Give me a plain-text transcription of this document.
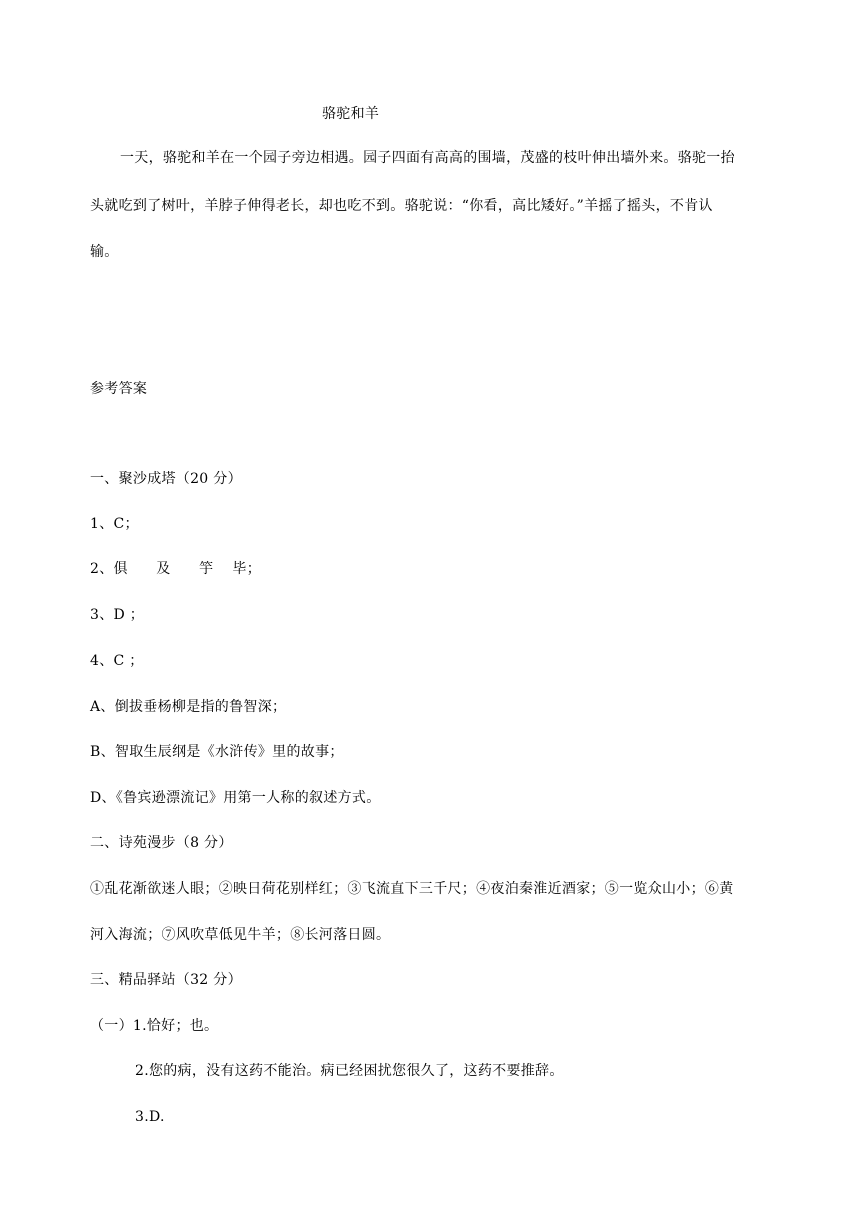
骆驼和羊
一天，骆驼和羊在一个园子旁边相遇。园子四面有高高的围墙，茂盛的枝叶伸出墙外来。骆驼一抬
头就吃到了树叶，羊脖子伸得老长，却也吃不到。骆驼说：“你看，高比矮好。”羊摇了摇头，不肯认
输。
参考答案
一、聚沙成塔（20 分）
1、C；
2、俱      及      竽    毕；
3、D ；
4、C ；
A、倒拔垂杨柳是指的鲁智深；
B、智取生辰纲是《水浒传》里的故事；
D、《鲁宾逊漂流记》用第一人称的叙述方式。
二、诗苑漫步（8 分）
①乱花渐欲迷人眼；②映日荷花别样红；③飞流直下三千尺；④夜泊秦淮近酒家；⑤一览众山小；⑥黄
河入海流；⑦风吹草低见牛羊；⑧长河落日圆。
三、精品驿站（32 分）
（一）1.恰好；也。
2.您的病，没有这药不能治。病已经困扰您很久了，这药不要推辞。
3.D.
